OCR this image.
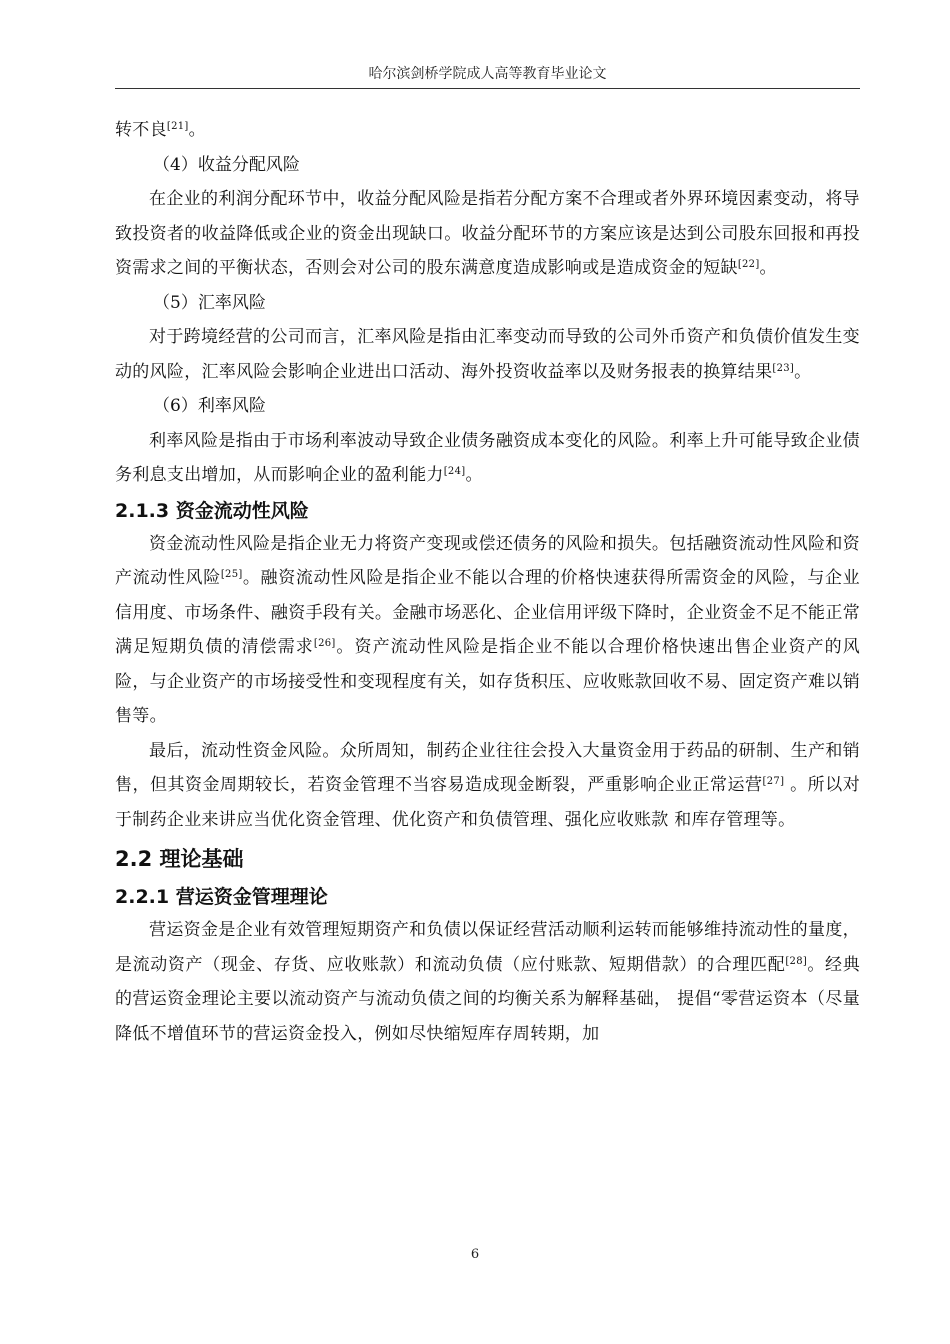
哈尔滨剑桥学院成人高等教育毕业论文

转不良[21]。

（4）收益分配风险

在企业的利润分配环节中，收益分配风险是指若分配方案不合理或者外界环境因素变动，将导致投资者的收益降低或企业的资金出现缺口。收益分配环节的方案应该是达到公司股东回报和再投资需求之间的平衡状态，否则会对公司的股东满意度造成影响或是造成资金的短缺[22]。

（5）汇率风险

对于跨境经营的公司而言，汇率风险是指由汇率变动而导致的公司外币资产和负债价值发生变动的风险，汇率风险会影响企业进出口活动、海外投资收益率以及财务报表的换算结果[23]。

（6）利率风险

利率风险是指由于市场利率波动导致企业债务融资成本变化的风险。利率上升可能导致企业债务利息支出增加，从而影响企业的盈利能力[24]。

2.1.3 资金流动性风险

资金流动性风险是指企业无力将资产变现或偿还债务的风险和损失。包括融资流动性风险和资产流动性风险[25]。融资流动性风险是指企业不能以合理的价格快速获得所需资金的风险，与企业信用度、市场条件、融资手段有关。金融市场恶化、企业信用评级下降时，企业资金不足不能正常满足短期负债的清偿需求[26]。资产流动性风险是指企业不能以合理价格快速出售企业资产的风险，与企业资产的市场接受性和变现程度有关，如存货积压、应收账款回收不易、固定资产难以销售等。

最后，流动性资金风险。众所周知，制药企业往往会投入大量资金用于药品的研制、生产和销售，但其资金周期较长，若资金管理不当容易造成现金断裂，严重影响企业正常运营[27] 。所以对于制药企业来讲应当优化资金管理、优化资产和负债管理、强化应收账款 和库存管理等。

2.2 理论基础
2.2.1 营运资金管理理论

营运资金是企业有效管理短期资产和负债以保证经营活动顺利运转而能够维持流动性的量度，是流动资产（现金、存货、应收账款）和流动负债（应付账款、短期借款）的合理匹配[28]。经典的营运资金理论主要以流动资产与流动负债之间的均衡关系为解释基础， 提倡“零营运资本（尽量降低不增值环节的营运资金投入，例如尽快缩短库存周转期，加

6
